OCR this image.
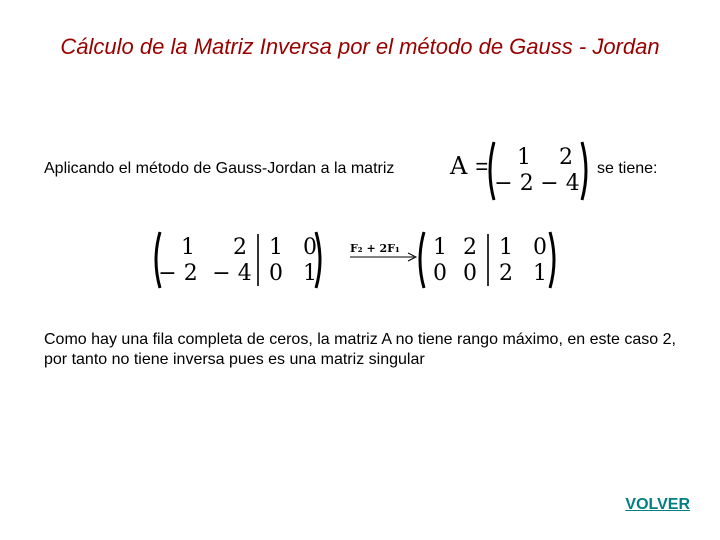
Cálculo de la Matriz Inversa por el método de Gauss - Jordan
Aplicando el método de Gauss-Jordan a la matriz A = 1 2
− 2 − 4
se tiene:
1 2 1 0
− 2 − 4 0 1
F₂ + 2F₁ 1 2 1 0
0 0 2 1
Como hay una fila completa de ceros, la matriz A no tiene rango máximo, en este caso 2, por tanto no tiene inversa pues es una matriz singular
VOLVER
